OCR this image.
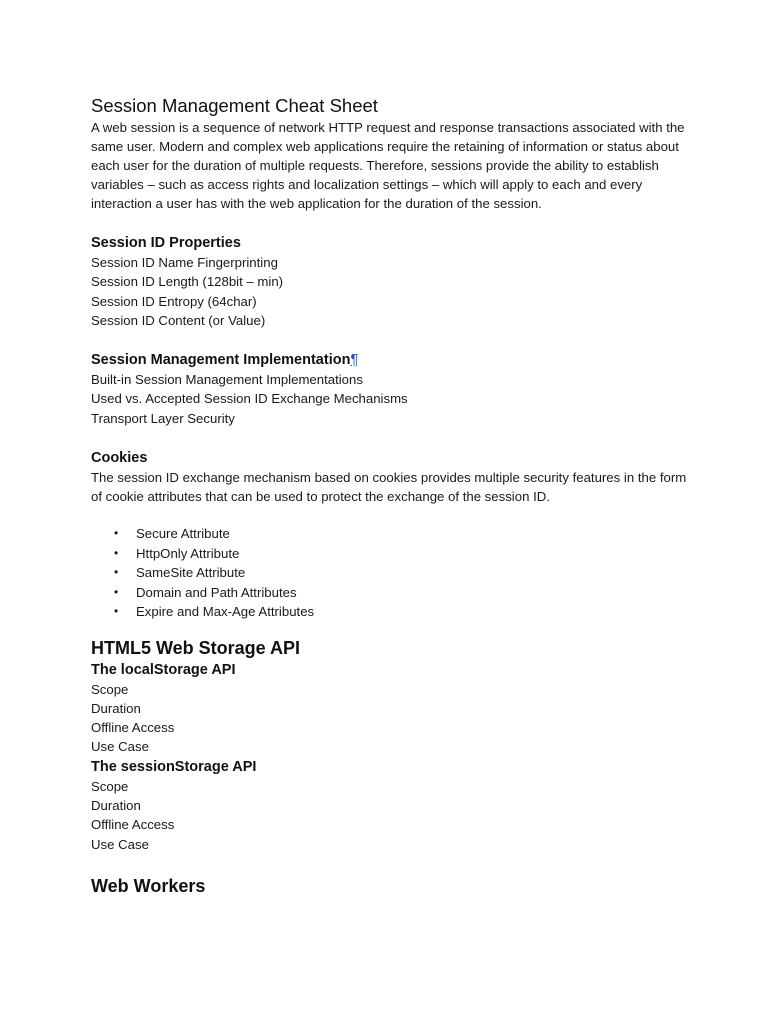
Session Management Cheat Sheet

A web session is a sequence of network HTTP request and response transactions associated with the same user. Modern and complex web applications require the retaining of information or status about each user for the duration of multiple requests. Therefore, sessions provide the ability to establish variables – such as access rights and localization settings – which will apply to each and every interaction a user has with the web application for the duration of the session.

Session ID Properties
Session ID Name Fingerprinting
Session ID Length (128bit – min)
Session ID Entropy (64char)
Session ID Content (or Value)
Session Management Implementation¶
Built-in Session Management Implementations
Used vs. Accepted Session ID Exchange Mechanisms
Transport Layer Security
Cookies

The session ID exchange mechanism based on cookies provides multiple security features in the form of cookie attributes that can be used to protect the exchange of the session ID.

• Secure Attribute
• HttpOnly Attribute
• SameSite Attribute
• Domain and Path Attributes
• Expire and Max-Age Attributes
HTML5 Web Storage API
The localStorage API
Scope
Duration
Offline Access
Use Case
The sessionStorage API
Scope
Duration
Offline Access
Use Case
Web Workers
